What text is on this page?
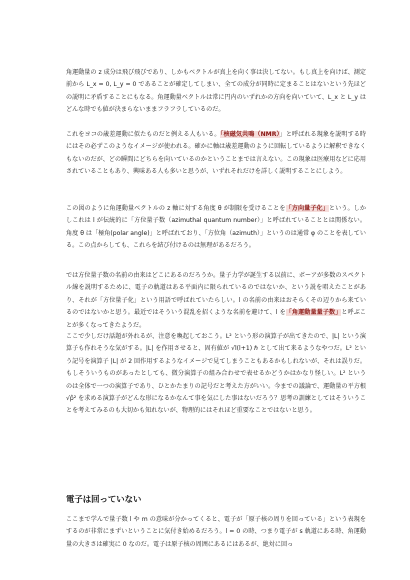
角運動量の z 成分は飛び飛びであり、しかもベクトルが真上を向く事は決してない。もし真上を向けば、測定前から L_x = 0, L_y = 0 であることが確定してしまい、全ての成分が同時に定まることはないという先ほどの説明に矛盾することにもなる。角運動量ベクトルは常に円内のいずれかの方向を向いていて、L_x と L_y はどんな時でも値が決まらないままフラフラしているのだ。

これをヨコの歳差運動に似たものだと例える人もいる。「核磁気共鳴（NMR）」と呼ばれる現象を説明する時にはその必ずこのようなイメージが使われる。確かに軸は歳差運動のように回転しているように解釈できなくもないのだが、どの瞬間にどちらを向いているのかということまでは言えない。この現象は医療用などに応用されていることもあり、興味ある人も多いと思うが、いずれそれだけを詳しく説明することにしよう。

この図のように角運動量ベクトルの z 軸に対する角度 θ が制限を受けることを「方向量子化」という。しかしこれは l が伝統的に「方位量子数（azimuthal quantum number）」と呼ばれていることとは関係ない。角度 θ は「極角(polar angle)」と呼ばれており、「方位角（azimuth）」というのは通常 φ のことを表している。この点からしても、これらを結び付けるのは無理があるだろう。

では方位量子数の名前の由来はどこにあるのだろうか。量子力学が誕生する以前に、ボーアが多数のスペクトル線を説明するために、電子の軌道はある平面内に限られているのではないか、という説を唱えたことがあり、それが「方位量子化」という用語で呼ばれていたらしい。l の名前の由来はおそらくその辺りから来ているのではないかと思う。最近ではそういう混乱を招くような名前を避けて、l を「角運動量量子数」と呼ぶことが多くなってきたようだ。

ここで少しだけ話題が外れるが、注意を喚起しておこう。L² という形の演算子が出てきたので、|L| という演算子も作れそうな気がする。|L| を作用させると、固有値が √l(l+1) ℏ として出て来るようなやつだ。L² という記号を演算子 |L| が 2 回作用するようなイメージで見てしまうこともあるかもしれないが、それは誤りだ。もしそういうものがあったとしても、微分演算子の組み合わせで表せるかどうかはかなり怪しい。L² というのは全体で一つの演算子であり、ひとかたまりの記号だと考えた方がいい。今までの議論で、運動量の平方根 √p̂² を求める演算子がどんな形になるかなんて事を気にした事はないだろう？思考の訓練としてはそういうことを考えてみるのも大切かも知れないが、物理的にはそれほど重要なことではないと思う。

電子は回っていない

ここまで学んで量子数 l や m の意味が分かってくると、電子が「原子核の周りを回っている」という表現をするのが非常にまずいということに気付き始めるだろう。l = 0 の時、つまり電子が s 軌道にある時、角運動量の大きさは確実に 0 なのだ。電子は原子核の周囲にあるにはあるが、絶対に回っ
